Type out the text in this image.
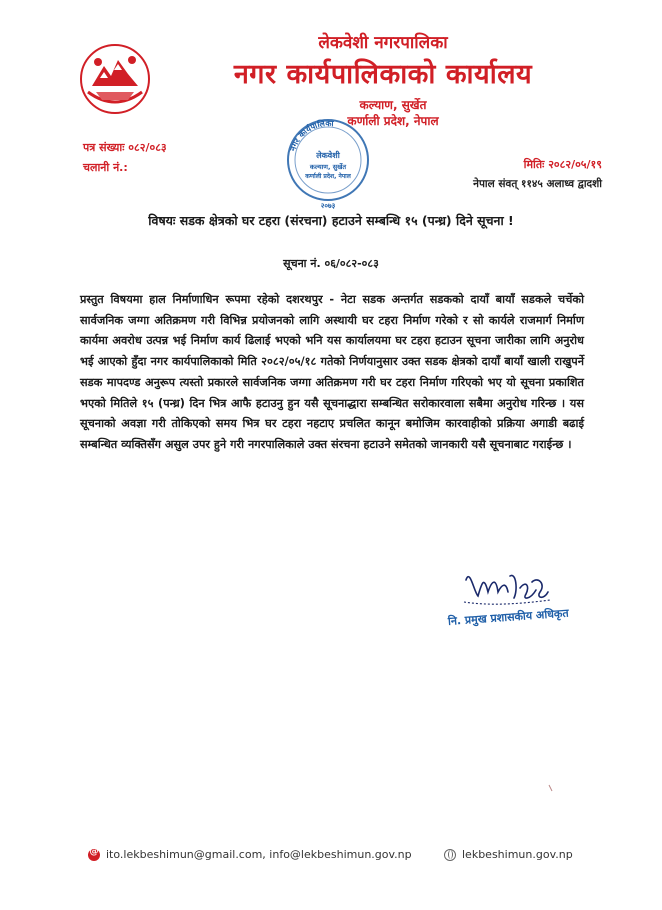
लेकवेशी नगरपालिका
नगर कार्यपालिकाको कार्यालय
कल्याण, सुर्खेत
कर्णाली प्रदेश, नेपाल
पत्र संख्याः ०८२/०८३
चलानी नं.:	मितिः २०८२/०५/१९
नेपाल संवत् ११४५ अलाध्व द्वादशी
नगर कार्यपालिका
लेकवेशी
कल्याण, सुर्खेत
कर्णाली प्रदेश, नेपाल
२०७३
विषयः सडक क्षेत्रको घर टहरा (संरचना) हटाउने सम्बन्धि १५ (पन्ध्र) दिने सूचना !
सूचना नं. ०६/०८२-०८३
प्रस्तुत विषयमा हाल निर्माणाधिन रूपमा रहेको दशरथपुर - नेटा सडक अन्तर्गत सडकको दायाँ बायाँ सडकले चर्चेको सार्वजनिक जग्गा अतिक्रमण गरी विभिन्न प्रयोजनको लागि अस्थायी घर टहरा निर्माण गरेको र सो कार्यले राजमार्ग निर्माण कार्यमा अवरोध उत्पन्न भई निर्माण कार्य ढिलाई भएको भनि यस कार्यालयमा घर टहरा हटाउन सूचना जारीका लागि अनुरोध भई आएको हुँदा नगर कार्यपालिकाको मिति २०८२/०५/१८ गतेको निर्णयानुसार उक्त सडक क्षेत्रको दायाँ बायाँ खाली राखुपर्ने सडक मापदण्ड अनुरूप त्यस्तो प्रकारले सार्वजनिक जग्गा अतिक्रमण गरी घर टहरा निर्माण गरिएको भए यो सूचना प्रकाशित भएको मितिले १५ (पन्ध्र) दिन भित्र आफै हटाउनु हुन यसै सूचनाद्धारा सम्बन्धित सरोकारवाला सबैमा अनुरोध गरिन्छ । यस सूचनाको अवज्ञा गरी तोकिएको समय भित्र घर टहरा नहटाए प्रचलित कानून बमोजिम कारवाहीको प्रक्रिया अगाडी बढाई सम्बन्धित व्यक्तिसँग असुल उपर हुने गरी नगरपालिकाले उक्त संरचना हटाउने समेतको जानकारी यसै सूचनाबाट गराईन्छ ।
नि. प्रमुख प्रशासकीय अधिकृत
@
ito.lekbeshimun@gmail.com, info@lekbeshimun.gov.np	lekbeshimun.gov.np
